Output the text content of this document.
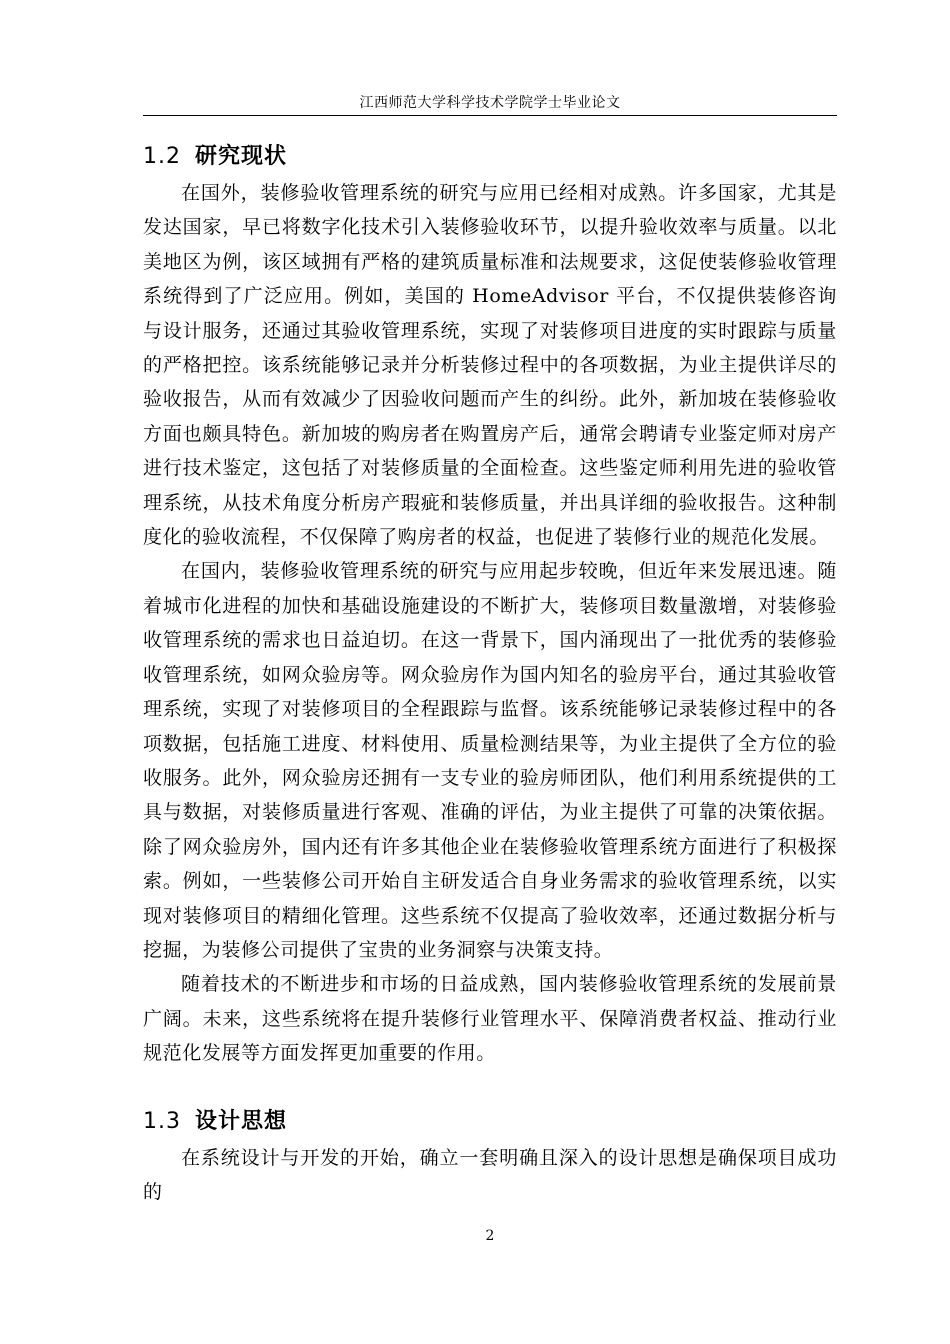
江西师范大学科学技术学院学士毕业论文
1.2 研究现状

在国外，装修验收管理系统的研究与应用已经相对成熟。许多国家，尤其是发达国家，早已将数字化技术引入装修验收环节，以提升验收效率与质量。以北美地区为例，该区域拥有严格的建筑质量标准和法规要求，这促使装修验收管理系统得到了广泛应用。例如，美国的 HomeAdvisor 平台，不仅提供装修咨询与设计服务，还通过其验收管理系统，实现了对装修项目进度的实时跟踪与质量的严格把控。该系统能够记录并分析装修过程中的各项数据，为业主提供详尽的验收报告，从而有效减少了因验收问题而产生的纠纷。此外，新加坡在装修验收方面也颇具特色。新加坡的购房者在购置房产后，通常会聘请专业鉴定师对房产进行技术鉴定，这包括了对装修质量的全面检查。这些鉴定师利用先进的验收管理系统，从技术角度分析房产瑕疵和装修质量，并出具详细的验收报告。这种制度化的验收流程，不仅保障了购房者的权益，也促进了装修行业的规范化发展。

在国内，装修验收管理系统的研究与应用起步较晚，但近年来发展迅速。随着城市化进程的加快和基础设施建设的不断扩大，装修项目数量激增，对装修验收管理系统的需求也日益迫切。在这一背景下，国内涌现出了一批优秀的装修验收管理系统，如网众验房等。网众验房作为国内知名的验房平台，通过其验收管理系统，实现了对装修项目的全程跟踪与监督。该系统能够记录装修过程中的各项数据，包括施工进度、材料使用、质量检测结果等，为业主提供了全方位的验收服务。此外，网众验房还拥有一支专业的验房师团队，他们利用系统提供的工具与数据，对装修质量进行客观、准确的评估，为业主提供了可靠的决策依据。除了网众验房外，国内还有许多其他企业在装修验收管理系统方面进行了积极探索。例如，一些装修公司开始自主研发适合自身业务需求的验收管理系统，以实现对装修项目的精细化管理。这些系统不仅提高了验收效率，还通过数据分析与挖掘，为装修公司提供了宝贵的业务洞察与决策支持。

随着技术的不断进步和市场的日益成熟，国内装修验收管理系统的发展前景广阔。未来，这些系统将在提升装修行业管理水平、保障消费者权益、推动行业规范化发展等方面发挥更加重要的作用。

1.3 设计思想

在系统设计与开发的开始，确立一套明确且深入的设计思想是确保项目成功的

2
